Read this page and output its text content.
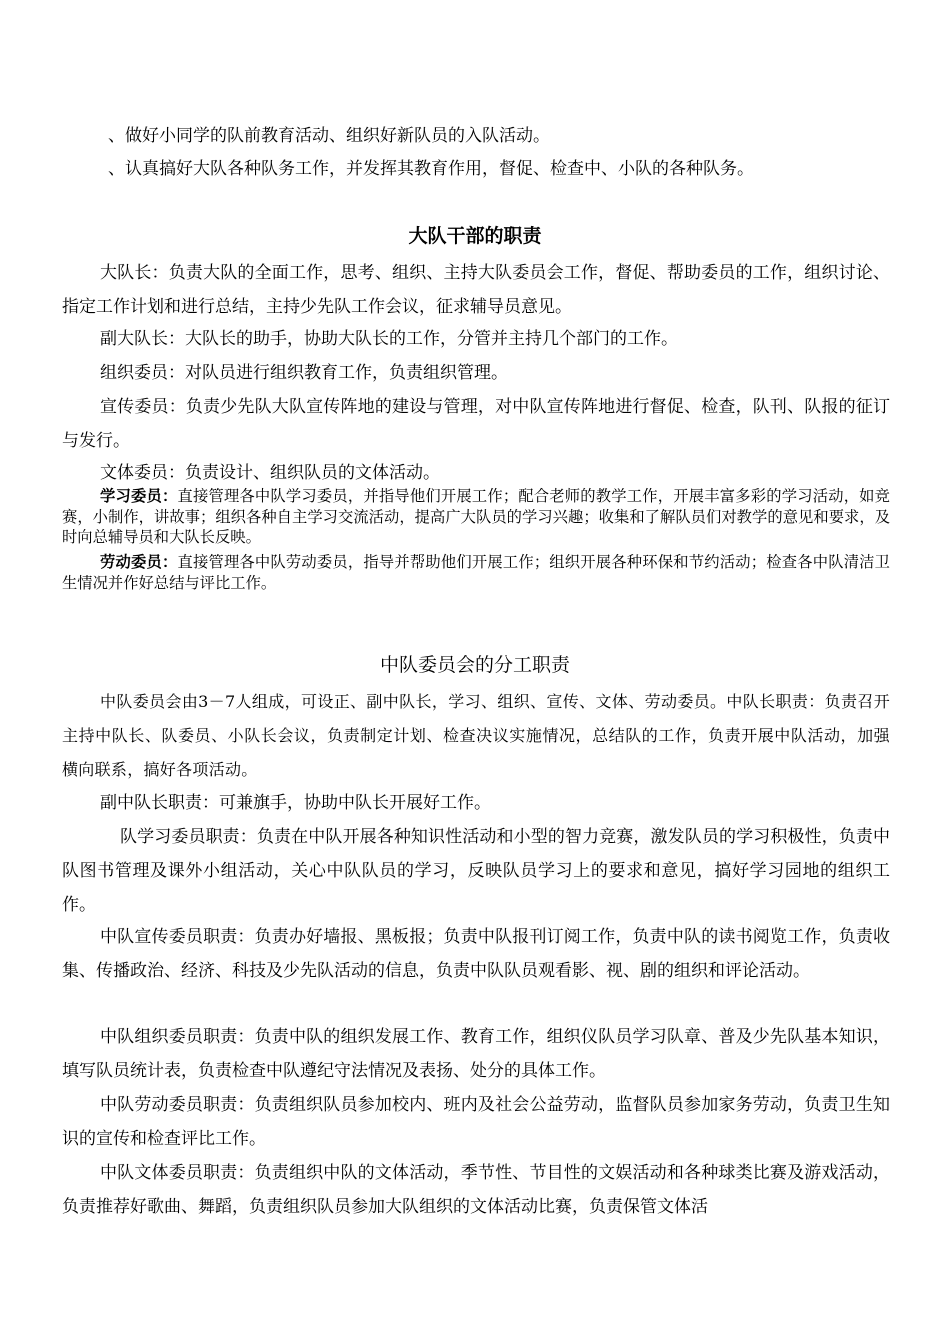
、做好小同学的队前教育活动、组织好新队员的入队活动。
、认真搞好大队各种队务工作，并发挥其教育作用，督促、检查中、小队的各种队务。
大队干部的职责
大队长：负责大队的全面工作，思考、组织、主持大队委员会工作，督促、帮助委员的工作，组织讨论、指定工作计划和进行总结，主持少先队工作会议，征求辅导员意见。
副大队长：大队长的助手，协助大队长的工作，分管并主持几个部门的工作。
组织委员：对队员进行组织教育工作，负责组织管理。
宣传委员：负责少先队大队宣传阵地的建设与管理，对中队宣传阵地进行督促、检查，队刊、队报的征订与发行。
文体委员：负责设计、组织队员的文体活动。
学习委员：直接管理各中队学习委员，并指导他们开展工作；配合老师的教学工作，开展丰富多彩的学习活动，如竞赛，小制作，讲故事；组织各种自主学习交流活动，提高广大队员的学习兴趣；收集和了解队员们对教学的意见和要求，及时向总辅导员和大队长反映。
劳动委员：直接管理各中队劳动委员，指导并帮助他们开展工作；组织开展各种环保和节约活动；检查各中队清洁卫生情况并作好总结与评比工作。
中队委员会的分工职责
中队委员会由3－7人组成，可设正、副中队长，学习、组织、宣传、文体、劳动委员。中队长职责：负责召开主持中队长、队委员、小队长会议，负责制定计划、检查决议实施情况，总结队的工作，负责开展中队活动，加强横向联系，搞好各项活动。
副中队长职责：可兼旗手，协助中队长开展好工作。
队学习委员职责：负责在中队开展各种知识性活动和小型的智力竞赛，激发队员的学习积极性，负责中队图书管理及课外小组活动，关心中队队员的学习，反映队员学习上的要求和意见，搞好学习园地的组织工作。
中队宣传委员职责：负责办好墙报、黑板报；负责中队报刊订阅工作，负责中队的读书阅览工作，负责收集、传播政治、经济、科技及少先队活动的信息，负责中队队员观看影、视、剧的组织和评论活动。
中队组织委员职责：负责中队的组织发展工作、教育工作，组织仪队员学习队章、普及少先队基本知识，填写队员统计表，负责检查中队遵纪守法情况及表扬、处分的具体工作。
中队劳动委员职责：负责组织队员参加校内、班内及社会公益劳动，监督队员参加家务劳动，负责卫生知识的宣传和检查评比工作。
中队文体委员职责：负责组织中队的文体活动，季节性、节目性的文娱活动和各种球类比赛及游戏活动，负责推荐好歌曲、舞蹈，负责组织队员参加大队组织的文体活动比赛，负责保管文体活
